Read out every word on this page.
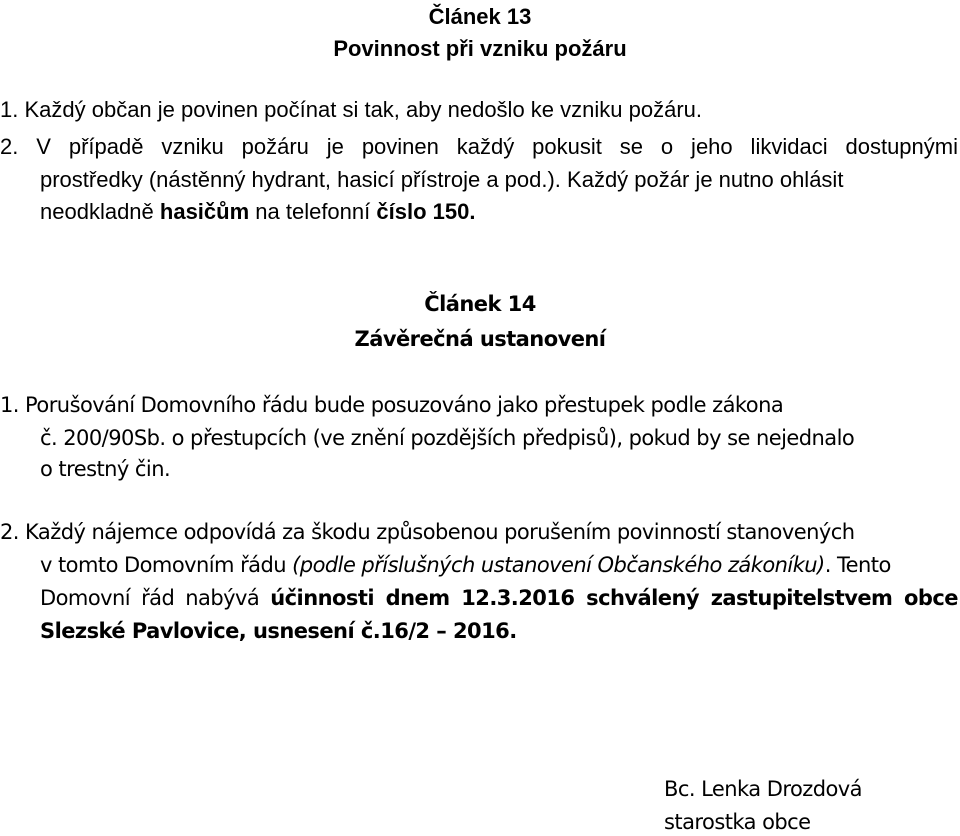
Článek 13
Povinnost při vzniku požáru
1. Každý občan je povinen počínat si tak, aby nedošlo ke vzniku požáru.
2. V případě vzniku požáru je povinen každý pokusit se o jeho likvidaci dostupnými
prostředky (nástěnný hydrant, hasicí přístroje a pod.). Každý požár je nutno ohlásit
neodkladně hasičům na telefonní číslo 150.
Článek 14
Závěrečná ustanovení
1. Porušování Domovního řádu bude posuzováno jako přestupek podle zákona
č. 200/90Sb. o přestupcích (ve znění pozdějších předpisů), pokud by se nejednalo
o trestný čin.
2. Každý nájemce odpovídá za škodu způsobenou porušením povinností stanovených
v tomto Domovním řádu (podle příslušných ustanovení Občanského zákoníku). Tento
Domovní řád nabývá účinnosti dnem 12.3.2016 schválený zastupitelstvem obce
Slezské Pavlovice, usnesení č.16/2 – 2016.
Bc. Lenka Drozdová
starostka obce
